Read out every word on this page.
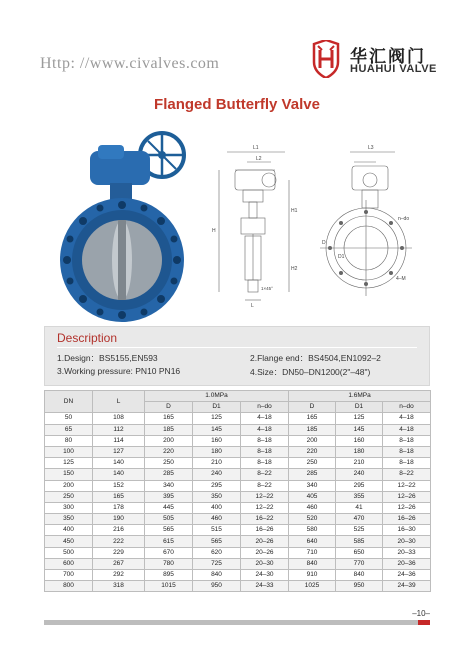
Http: //www.civalves.com	华汇阀门
HUAHUI VALVE
Flanged Butterfly Valve
L1
L2
H
H1
H2
L
1×45°
L3
D
D1
n–do
4–M
Description
1.Design：BS5155,EN593	2.Flange end：BS4504,EN1092–2
3.Working pressure: PN10 PN16	4.Size：DN50–DN1200(2"–48")
DN	L	1.0MPa			1.6MPa		
		D	D1	n–do	D	D1	n–do
50	108	165	125	4–18	165	125	4–18
65	112	185	145	4–18	185	145	4–18
80	114	200	160	8–18	200	160	8–18
100	127	220	180	8–18	220	180	8–18
125	140	250	210	8–18	250	210	8–18
150	140	285	240	8–22	285	240	8–22
200	152	340	295	8–22	340	295	12–22
250	165	395	350	12–22	405	355	12–26
300	178	445	400	12–22	460	41	12–26
350	190	505	460	16–22	520	470	16–26
400	216	565	515	16–26	580	525	16–30
450	222	615	565	20–26	640	585	20–30
500	229	670	620	20–26	710	650	20–33
600	267	780	725	20–30	840	770	20–36
700	292	895	840	24–30	910	840	24–36
800	318	1015	950	24–33	1025	950	24–39
–10–
